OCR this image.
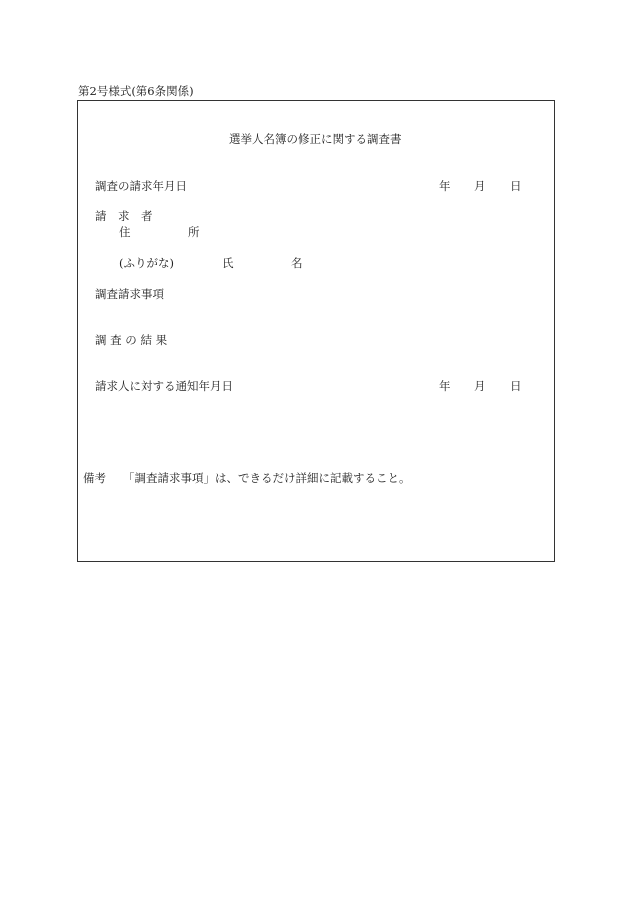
第2号様式(第6条関係)
選挙人名簿の修正に関する調査書
調査の請求年月日	年 月 日
請　求　者
住　　　　　所
(ふりがな)	氏　　　　　名
調査請求事項
調 査 の 結 果
請求人に対する通知年月日	年 月 日
備考 「調査請求事項」は、できるだけ詳細に記載すること。
